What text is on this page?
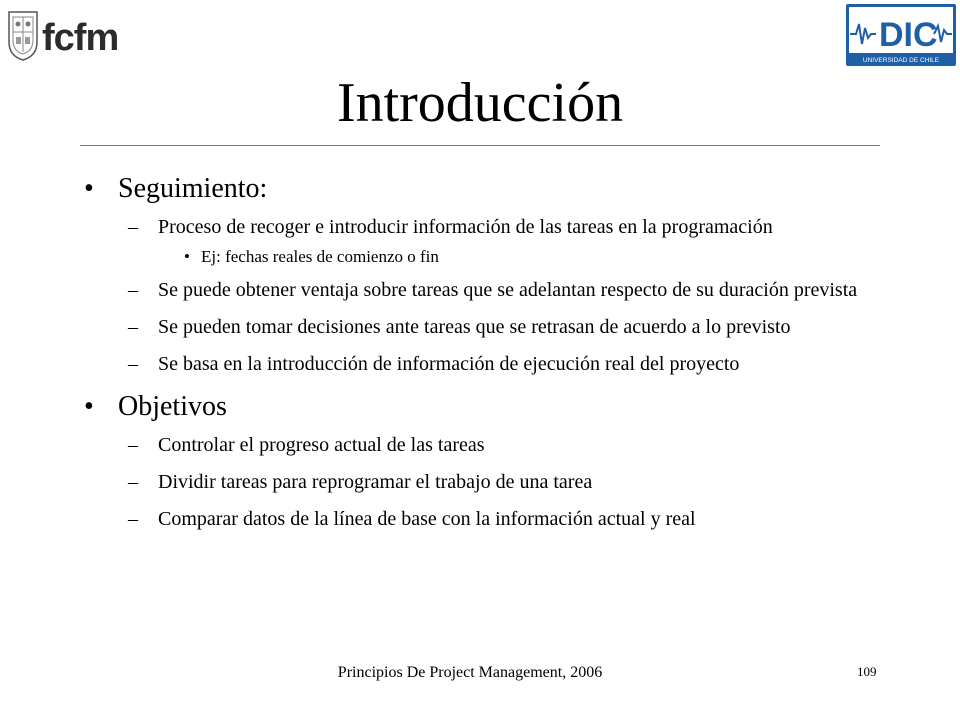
fcfm	DIC
UNIVERSIDAD DE CHILE
Introducción
• Seguimiento:
– Proceso de recoger e introducir información de las tareas en la programación
• Ej: fechas reales de comienzo o fin
– Se puede obtener ventaja sobre tareas que se adelantan respecto de su duración prevista
– Se pueden tomar decisiones ante tareas que se retrasan de acuerdo a lo previsto
– Se basa en la introducción de información de ejecución real del proyecto
• Objetivos
– Controlar el progreso actual de las tareas
– Dividir tareas para reprogramar el trabajo de una tarea
– Comparar datos de la línea de base con la información actual y real
Principios De Project Management, 2006	109
